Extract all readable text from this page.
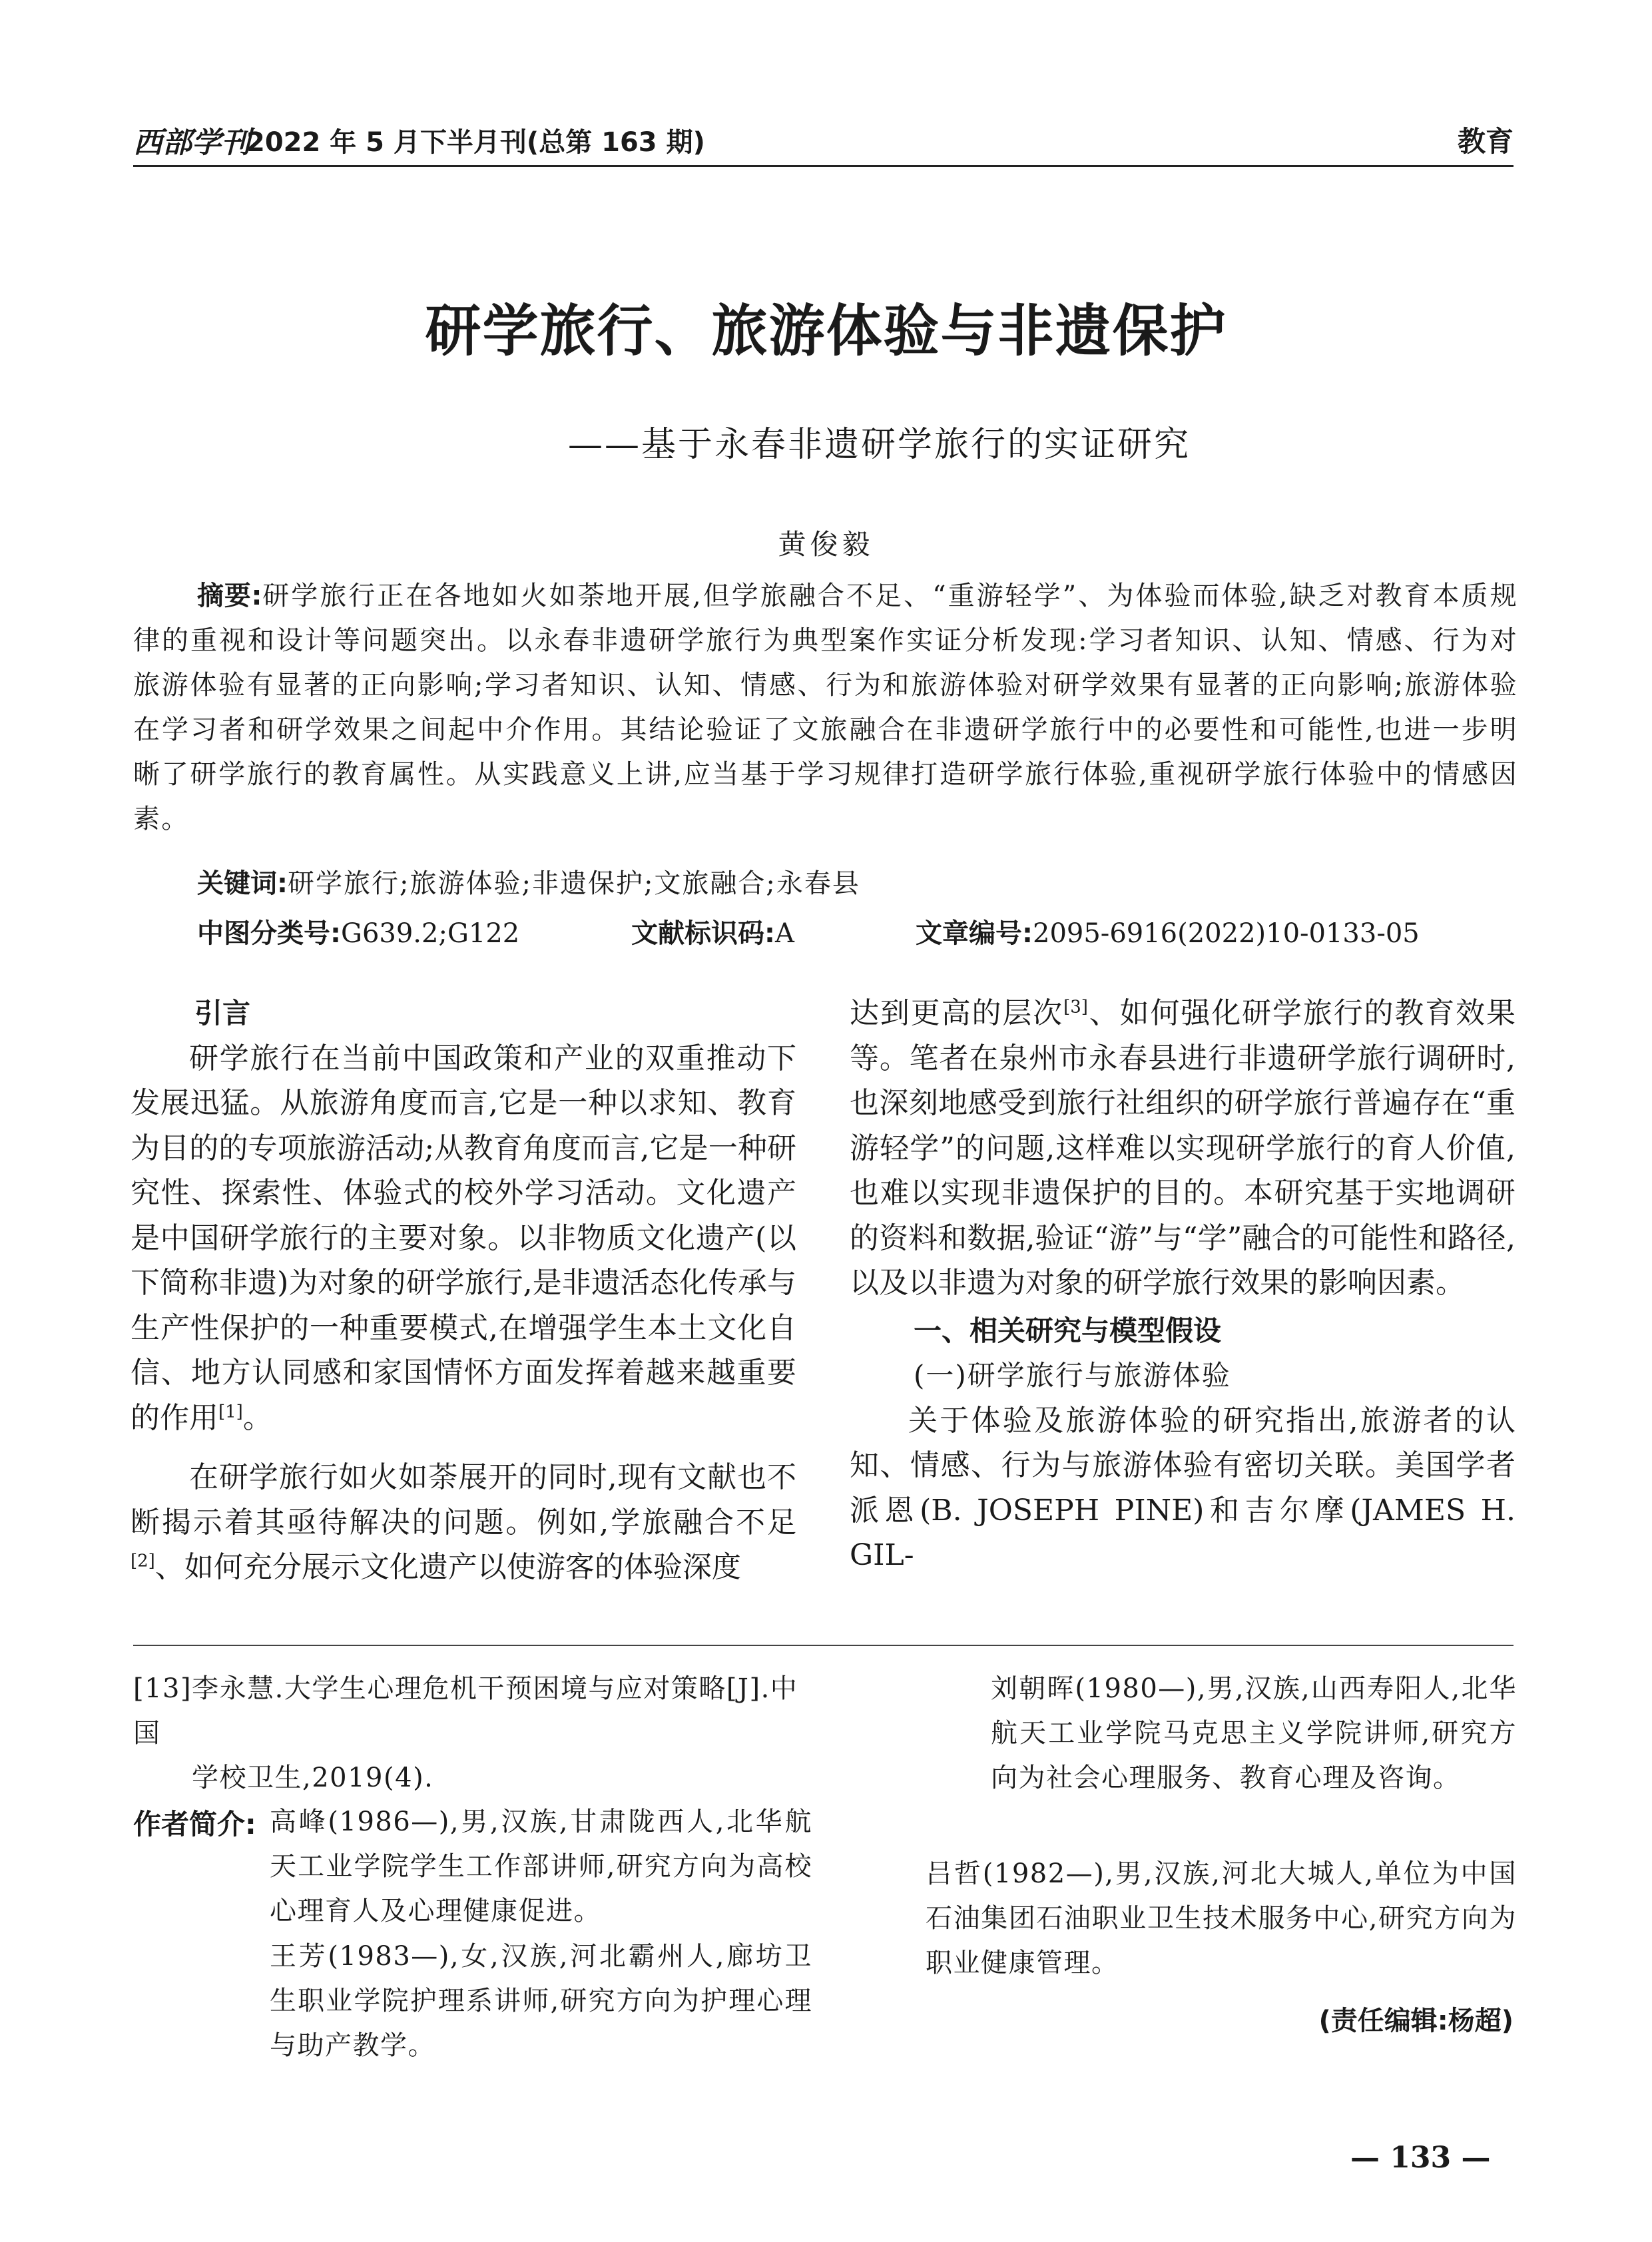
西部学刊
2022 年 5 月下半月刊(总第 163 期)	教育
研学旅行、旅游体验与非遗保护
——基于永春非遗研学旅行的实证研究
黄俊毅
摘要:研学旅行正在各地如火如荼地开展,但学旅融合不足、“重游轻学”、为体验而体验,缺乏对教育本质规律的重视和设计等问题突出。以永春非遗研学旅行为典型案作实证分析发现:学习者知识、认知、情感、行为对旅游体验有显著的正向影响;学习者知识、认知、情感、行为和旅游体验对研学效果有显著的正向影响;旅游体验在学习者和研学效果之间起中介作用。其结论验证了文旅融合在非遗研学旅行中的必要性和可能性,也进一步明晰了研学旅行的教育属性。从实践意义上讲,应当基于学习规律打造研学旅行体验,重视研学旅行体验中的情感因素。
关键词:研学旅行;旅游体验;非遗保护;文旅融合;永春县
中图分类号:G639.2;G122	文献标识码:A	文章编号:2095-6916(2022)10-0133-05
引言

研学旅行在当前中国政策和产业的双重推动下发展迅猛。从旅游角度而言,它是一种以求知、教育为目的的专项旅游活动;从教育角度而言,它是一种研究性、探索性、体验式的校外学习活动。文化遗产是中国研学旅行的主要对象。以非物质文化遗产(以下简称非遗)为对象的研学旅行,是非遗活态化传承与生产性保护的一种重要模式,在增强学生本土文化自信、地方认同感和家国情怀方面发挥着越来越重要的作用[1]。

在研学旅行如火如荼展开的同时,现有文献也不断揭示着其亟待解决的问题。例如,学旅融合不足[2]、如何充分展示文化遗产以使游客的体验深度

达到更高的层次[3]、如何强化研学旅行的教育效果等。笔者在泉州市永春县进行非遗研学旅行调研时,也深刻地感受到旅行社组织的研学旅行普遍存在“重游轻学”的问题,这样难以实现研学旅行的育人价值,也难以实现非遗保护的目的。本研究基于实地调研的资料和数据,验证“游”与“学”融合的可能性和路径,以及以非遗为对象的研学旅行效果的影响因素。

一、相关研究与模型假设
(一)研学旅行与旅游体验

关于体验及旅游体验的研究指出,旅游者的认知、情感、行为与旅游体验有密切关联。美国学者派恩(B. JOSEPH PINE)和吉尔摩(JAMES H. GIL-

[13]李永慧.大学生心理危机干预困境与应对策略[J].中国
学校卫生,2019(4).
作者简介: 高峰(1986—),男,汉族,甘肃陇西人,北华航天工业学院学生工作部讲师,研究方向为高校心理育人及心理健康促进。
王芳(1983—),女,汉族,河北霸州人,廊坊卫生职业学院护理系讲师,研究方向为护理心理与助产教学。
刘朝晖(1980—),男,汉族,山西寿阳人,北华航天工业学院马克思主义学院讲师,研究方向为社会心理服务、教育心理及咨询。
吕哲(1982—),男,汉族,河北大城人,单位为中国石油集团石油职业卫生技术服务中心,研究方向为职业健康管理。
(责任编辑:杨超)
— 133 —
